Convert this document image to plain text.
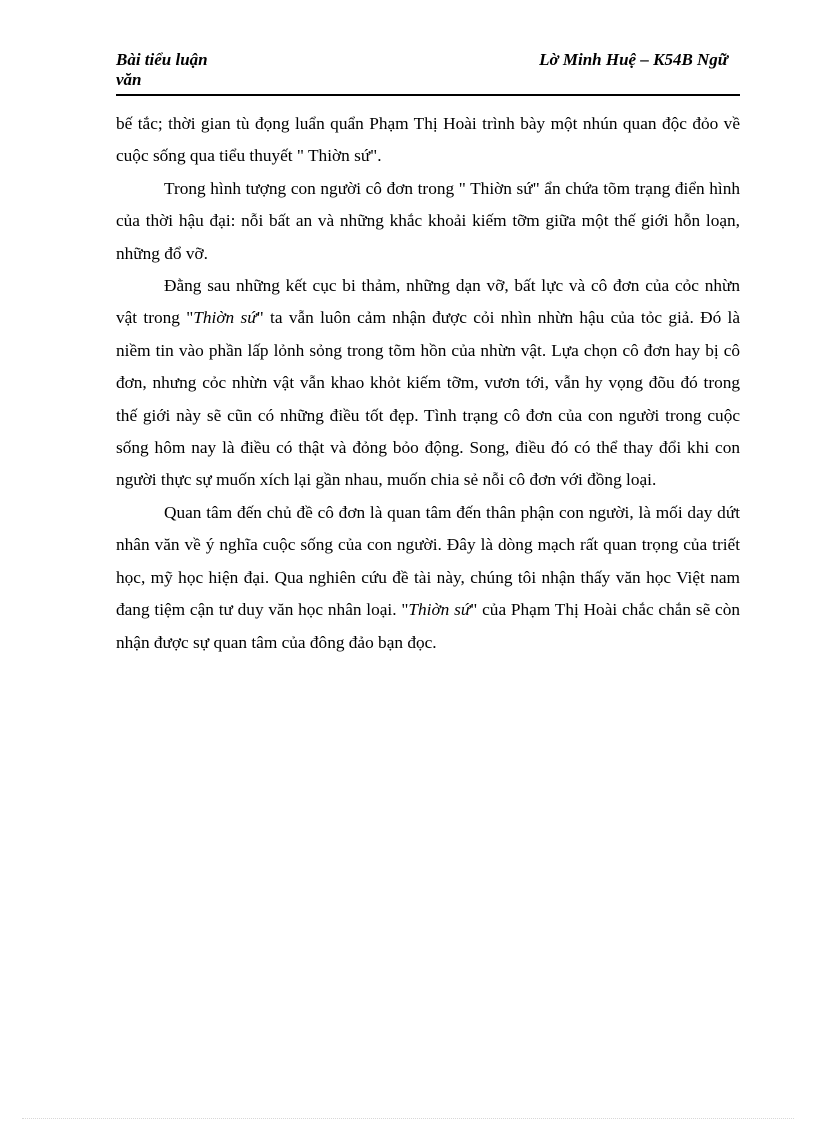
Bài tiểu luận văn
Lờ Minh Huệ – K54B Ngữ

bế tắc; thời gian tù đọng luẩn quẩn Phạm Thị Hoài trình bày một nhún quan độc đỏo về cuộc sống qua tiểu thuyết " Thiờn sứ".

Trong hình tượng con người cô đơn trong " Thiờn sứ" ẩn chứa tõm trạng điển hình của thời hậu đại: nỗi bất an và những khắc khoải kiếm tỡm giữa một thế giới hỗn loạn, những đổ vỡ.

Đằng sau những kết cục bi thảm, những dạn vỡ, bất lực và cô đơn của cỏc nhừn vật trong "Thiờn sứ" ta vẫn luôn cảm nhận được cỏi nhìn nhừn hậu của tỏc giả. Đó là niềm tin vào phần lấp lỏnh sỏng trong tõm hồn của nhừn vật. Lựa chọn cô đơn hay bị cô đơn, nhưng cỏc nhừn vật vẫn khao khỏt kiếm tỡm, vươn tới, vẫn hy vọng đõu đó trong thế giới này sẽ cũn có những điều tốt đẹp. Tình trạng cô đơn của con người trong cuộc sống hôm nay là điều có thật và đỏng bỏo động. Song, điều đó có thể thay đổi khi con người thực sự muốn xích lại gần nhau, muốn chia sẻ nỗi cô đơn với đồng loại.

Quan tâm đến chủ đề cô đơn là quan tâm đến thân phận con người, là mối day dứt nhân văn về ý nghĩa cuộc sống của con người. Đây là dòng mạch rất quan trọng của triết học, mỹ học hiện đại. Qua nghiên cứu đề tài này, chúng tôi nhận thấy văn học Việt nam đang tiệm cận tư duy văn học nhân loại. "Thiờn sứ" của Phạm Thị Hoài chắc chắn sẽ còn nhận được sự quan tâm của đông đảo bạn đọc.
